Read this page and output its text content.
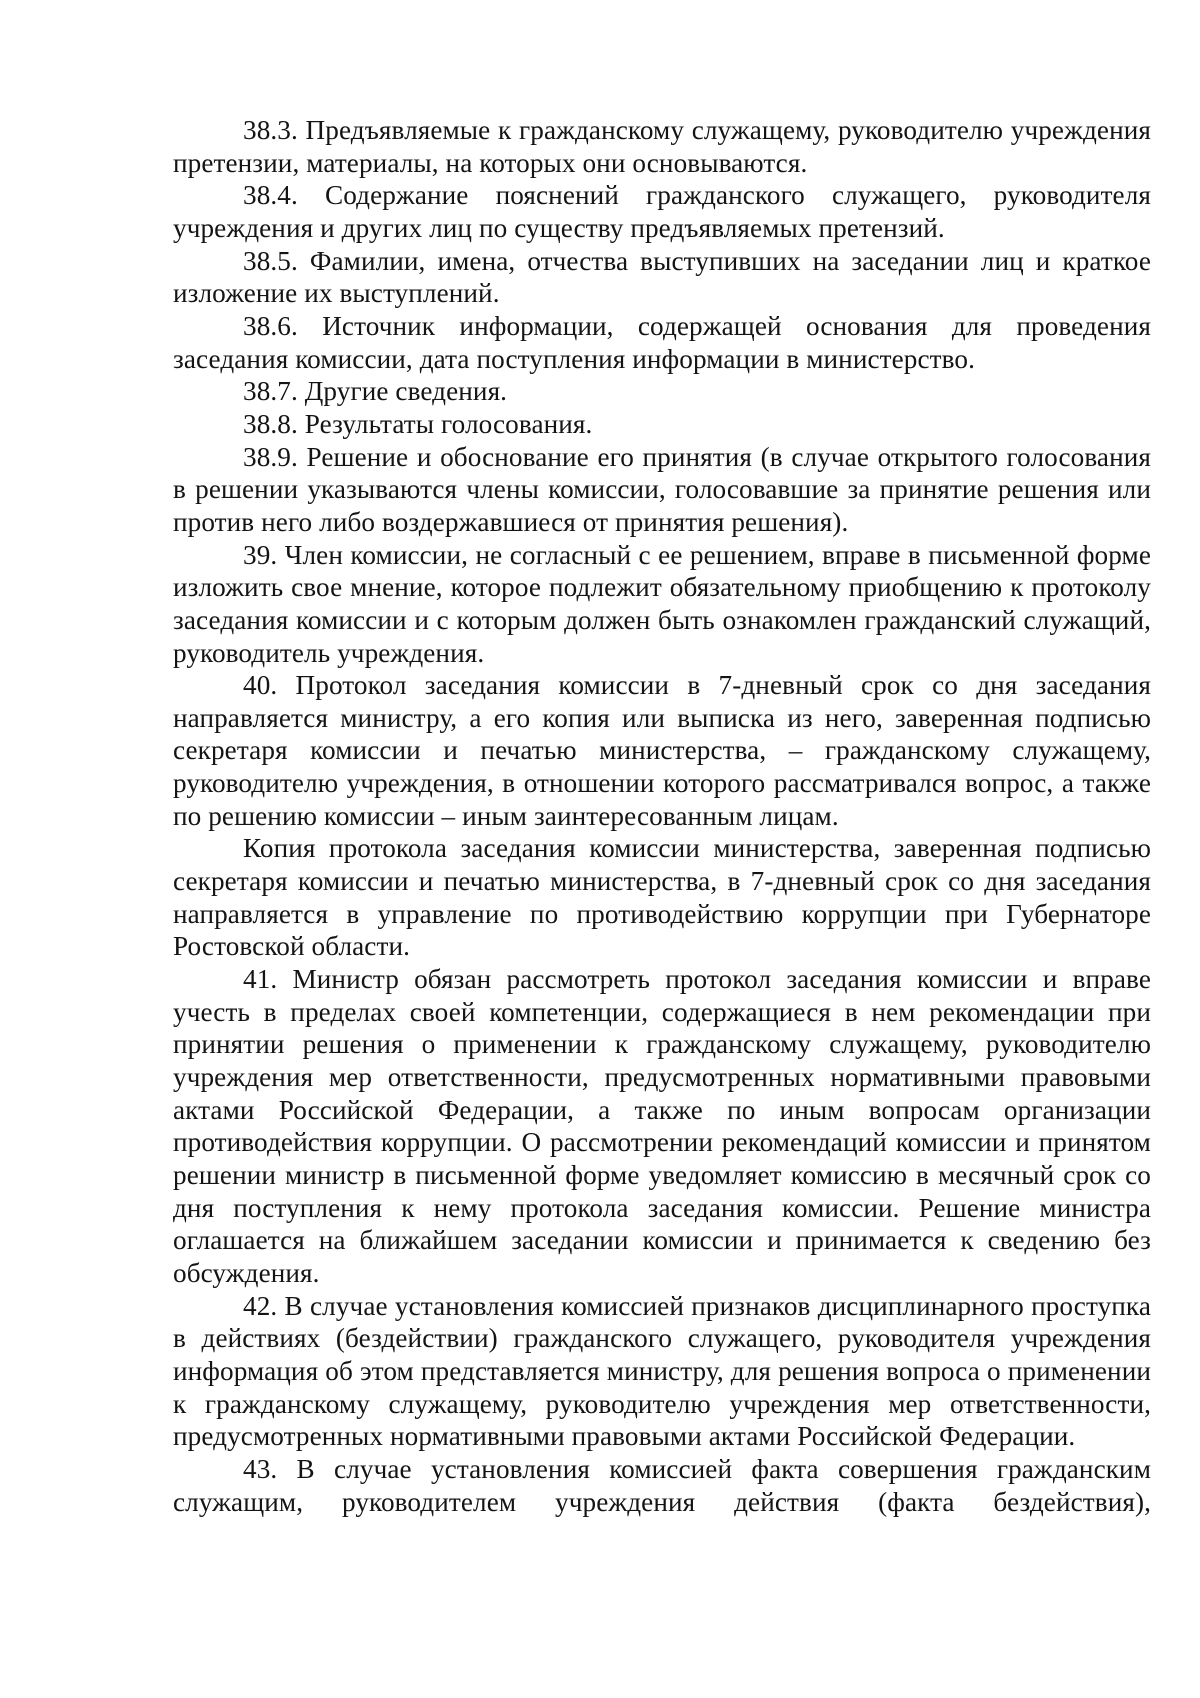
38.3. Предъявляемые к гражданскому служащему, руководителю учреждения претензии, материалы, на которых они основываются.

38.4. Содержание пояснений гражданского служащего, руководителя учреждения и других лиц по существу предъявляемых претензий.

38.5. Фамилии, имена, отчества выступивших на заседании лиц и краткое изложение их выступлений.

38.6. Источник информации, содержащей основания для проведения заседания комиссии, дата поступления информации в министерство.

38.7. Другие сведения.

38.8. Результаты голосования.

38.9. Решение и обоснование его принятия (в случае открытого голосования в решении указываются члены комиссии, голосовавшие за принятие решения или против него либо воздержавшиеся от принятия решения).

39. Член комиссии, не согласный с ее решением, вправе в письменной форме изложить свое мнение, которое подлежит обязательному приобщению к протоколу заседания комиссии и с которым должен быть ознакомлен гражданский служащий, руководитель учреждения.

40. Протокол заседания комиссии в 7-дневный срок со дня заседания направляется министру, а его копия или выписка из него, заверенная подписью секретаря комиссии и печатью министерства, – гражданскому служащему, руководителю учреждения, в отношении которого рассматривался вопрос, а также по решению комиссии – иным заинтересованным лицам.

Копия протокола заседания комиссии министерства, заверенная подписью секретаря комиссии и печатью министерства, в 7-дневный срок со дня заседания направляется в управление по противодействию коррупции при Губернаторе Ростовской области.

41. Министр обязан рассмотреть протокол заседания комиссии и вправе учесть в пределах своей компетенции, содержащиеся в нем рекомендации при принятии решения о применении к гражданскому служащему, руководителю учреждения мер ответственности, предусмотренных нормативными правовыми актами Российской Федерации, а также по иным вопросам организации противодействия коррупции. О рассмотрении рекомендаций комиссии и принятом решении министр в письменной форме уведомляет комиссию в месячный срок со дня поступления к нему протокола заседания комиссии. Решение министра оглашается на ближайшем заседании комиссии и принимается к сведению без обсуждения.

42. В случае установления комиссией признаков дисциплинарного проступка в действиях (бездействии) гражданского служащего, руководителя учреждения информация об этом представляется министру, для решения вопроса о применении к гражданскому служащему, руководителю учреждения мер ответственности, предусмотренных нормативными правовыми актами Российской Федерации.

43. В случае установления комиссией факта совершения гражданским служащим, руководителем учреждения действия (факта бездействия),
